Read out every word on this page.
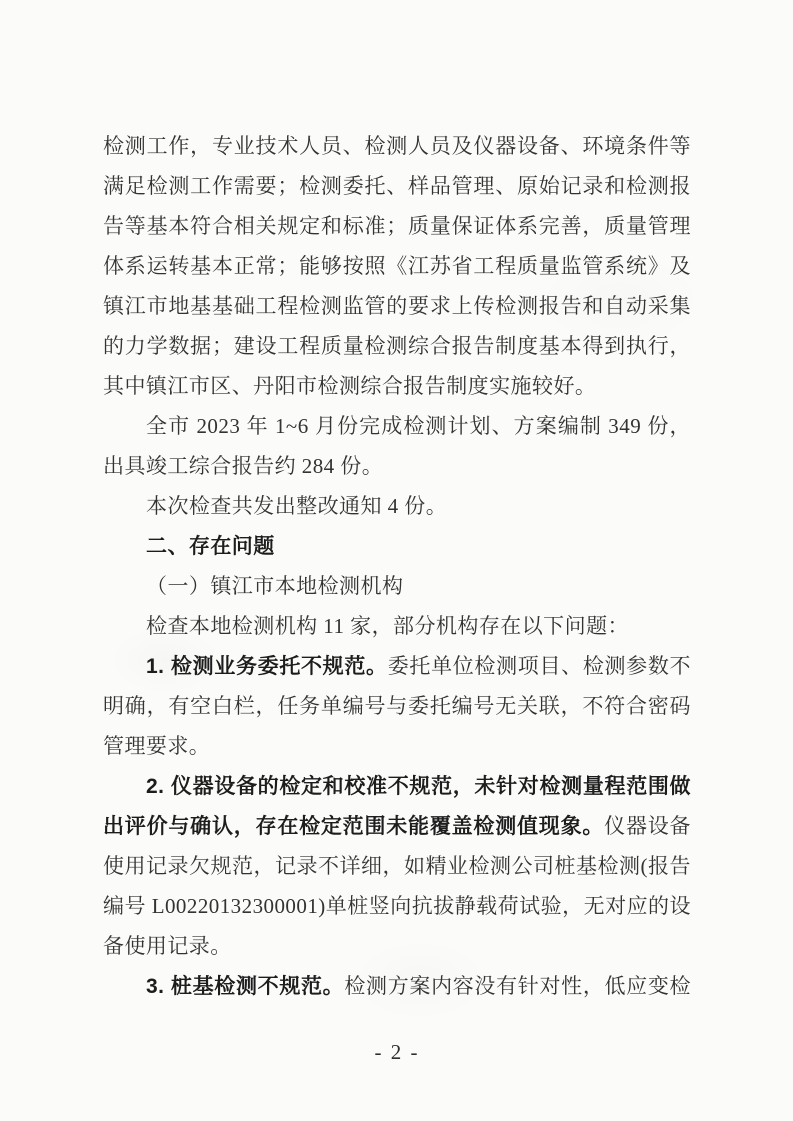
检测工作，专业技术人员、检测人员及仪器设备、环境条件等
满足检测工作需要；检测委托、样品管理、原始记录和检测报
告等基本符合相关规定和标准；质量保证体系完善，质量管理
体系运转基本正常；能够按照《江苏省工程质量监管系统》及
镇江市地基基础工程检测监管的要求上传检测报告和自动采集
的力学数据；建设工程质量检测综合报告制度基本得到执行，
其中镇江市区、丹阳市检测综合报告制度实施较好。
全市 2023 年 1~6 月份完成检测计划、方案编制 349 份，
出具竣工综合报告约 284 份。
本次检查共发出整改通知 4 份。
二、存在问题
（一）镇江市本地检测机构
检查本地检测机构 11 家，部分机构存在以下问题：
1. 检测业务委托不规范。委托单位检测项目、检测参数不
明确，有空白栏，任务单编号与委托编号无关联，不符合密码
管理要求。
2. 仪器设备的检定和校准不规范，未针对检测量程范围做
出评价与确认，存在检定范围未能覆盖检测值现象。仪器设备
使用记录欠规范，记录不详细，如精业检测公司桩基检测(报告
编号 L00220132300001)单桩竖向抗拔静载荷试验，无对应的设
备使用记录。
3. 桩基检测不规范。检测方案内容没有针对性，低应变检
- 2 -
